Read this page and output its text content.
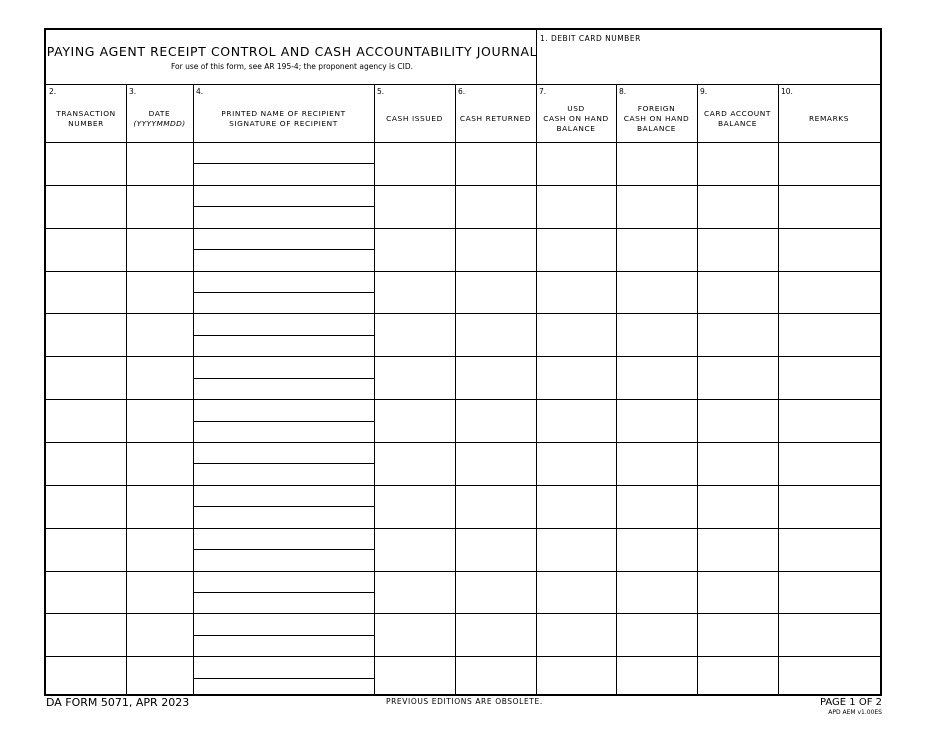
PAYING AGENT RECEIPT CONTROL AND CASH ACCOUNTABILITY JOURNAL
For use of this form, see AR 195-4; the proponent agency is CID.
1. DEBIT CARD NUMBER
2.
TRANSACTION
NUMBER
3.
DATE
(YYYYMMDD)
4.
PRINTED NAME OF RECIPIENT
SIGNATURE OF RECIPIENT
5.
CASH ISSUED
6.
CASH RETURNED
7.
USD
CASH ON HAND
BALANCE
8.
FOREIGN
CASH ON HAND
BALANCE
9.
CARD ACCOUNT
BALANCE
10.
REMARKS
DA FORM 5071, APR 2023	PREVIOUS EDITIONS ARE OBSOLETE.	PAGE 1 OF 2
APD AEM v1.00ES
